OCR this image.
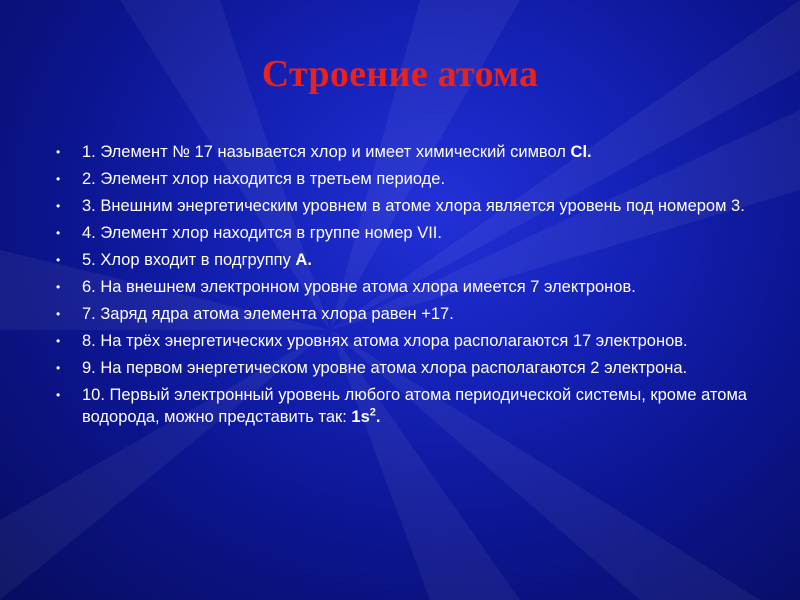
Строение атома
• 1. Элемент № 17 называется хлор и имеет химический символ Cl.
• 2. Элемент хлор находится в третьем периоде.
• 3. Внешним энергетическим уровнем в атоме хлора является уровень под номером 3.
• 4. Элемент хлор находится в группе номер VII.
• 5. Хлор входит в подгруппу А.
• 6. На внешнем электронном уровне атома хлора имеется 7 электронов.
• 7. Заряд ядра атома элемента хлора равен +17.
• 8. На трёх энергетических уровнях атома хлора располагаются 17 электронов.
• 9. На первом энергетическом уровне атома хлора располагаются 2 электрона.
• 10. Первый электронный уровень любого атома периодической системы, кроме атома водорода, можно представить так: $1s^2$.
